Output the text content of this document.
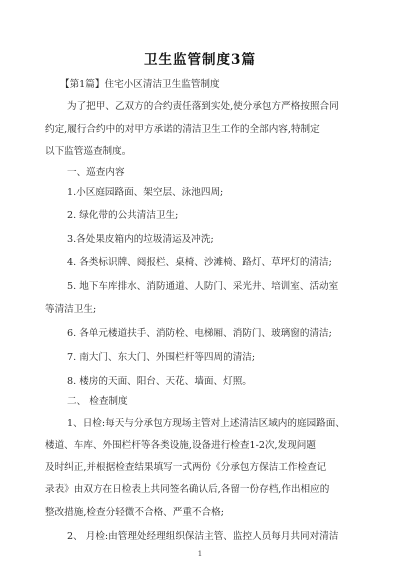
卫生监管制度3篇
【第1篇】住宅小区清洁卫生监管制度
为了把甲、乙双方的合约责任落到实处,使分承包方严格按照合同
约定,履行合约中的对甲方承诺的清洁卫生工作的全部内容,特制定
以下监管巡查制度。
一、巡查内容
1.小区庭园路面、架空层、泳池四周;
2. 绿化带的公共清洁卫生;
3.各处果皮箱内的垃圾清运及冲洗;
4. 各类标识牌、阅报栏、桌椅、沙滩椅、路灯、草坪灯的清洁;
5. 地下车库排水、消防通道、人防门、采光井、培训室、活动室
等清洁卫生;
6. 各单元楼道扶手、消防栓、电梯厢、消防门、玻璃窗的清洁;
7. 南大门、东大门、外围栏杆等四周的清洁;
8. 楼房的天面、阳台、天花、墙面、灯照。
二、 检查制度
1、日检:每天与分承包方现场主管对上述清洁区域内的庭园路面、
楼道、车库、外围栏杆等各类设施,设备进行检查1-2次,发现问题
及时纠正,并根据检查结果填写一式两份《分承包方保洁工作检查记
录表》由双方在日检表上共同签名确认后,各留一份存档,作出相应的
整改措施,检查分轻微不合格、严重不合格;
1
2、 月检:由管理处经理组织保洁主管、监控人员每月共同对清洁
